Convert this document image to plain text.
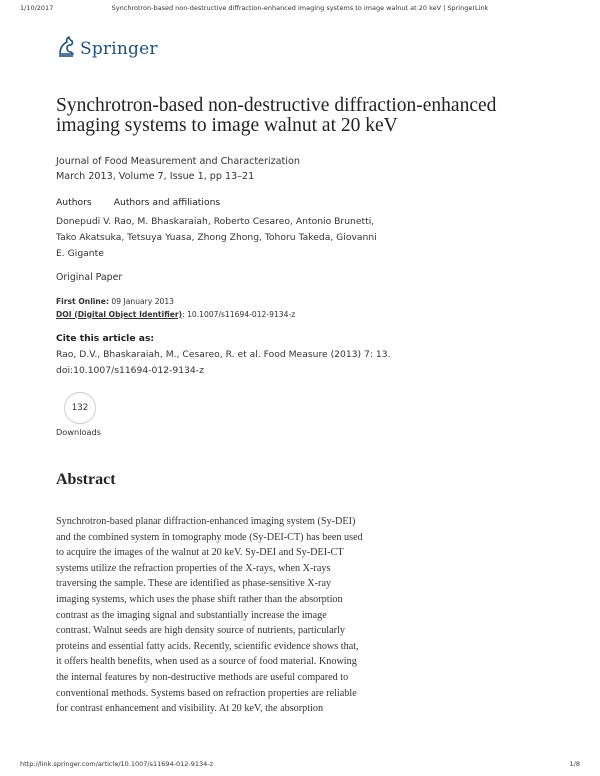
1/10/2017	Synchrotron-based non-destructive diffraction-enhanced imaging systems to image walnut at 20 keV | SpringerLink
Springer
Synchrotron-based non-destructive diffraction-enhanced imaging systems to image walnut at 20 keV
Journal of Food Measurement and Characterization
March 2013, Volume 7, Issue 1, pp 13–21
Authors Authors and affiliations
Donepudi V. Rao, M. Bhaskaraiah, Roberto Cesareo, Antonio Brunetti, Tako Akatsuka, Tetsuya Yuasa, Zhong Zhong, Tohoru Takeda, Giovanni E. Gigante
Original Paper
First Online: 09 January 2013
DOI (Digital Object Identifier): 10.1007/s11694-012-9134-z
Cite this article as:
Rao, D.V., Bhaskaraiah, M., Cesareo, R. et al. Food Measure (2013) 7: 13.
doi:10.1007/s11694-012-9134-z
132
Downloads
Abstract
Synchrotron-based planar diffraction-enhanced imaging system (Sy-DEI)
and the combined system in tomography mode (Sy-DEI-CT) has been used
to acquire the images of the walnut at 20 keV. Sy-DEI and Sy-DEI-CT
systems utilize the refraction properties of the X-rays, when X-rays
traversing the sample. These are identified as phase-sensitive X-ray
imaging systems, which uses the phase shift rather than the absorption
contrast as the imaging signal and substantially increase the image
contrast. Walnut seeds are high density source of nutrients, particularly
proteins and essential fatty acids. Recently, scientific evidence shows that,
it offers health benefits, when used as a source of food material. Knowing
the internal features by non-destructive methods are useful compared to
conventional methods. Systems based on refraction properties are reliable
for contrast enhancement and visibility. At 20 keV, the absorption
http://link.springer.com/article/10.1007/s11694-012-9134-z	1/8
